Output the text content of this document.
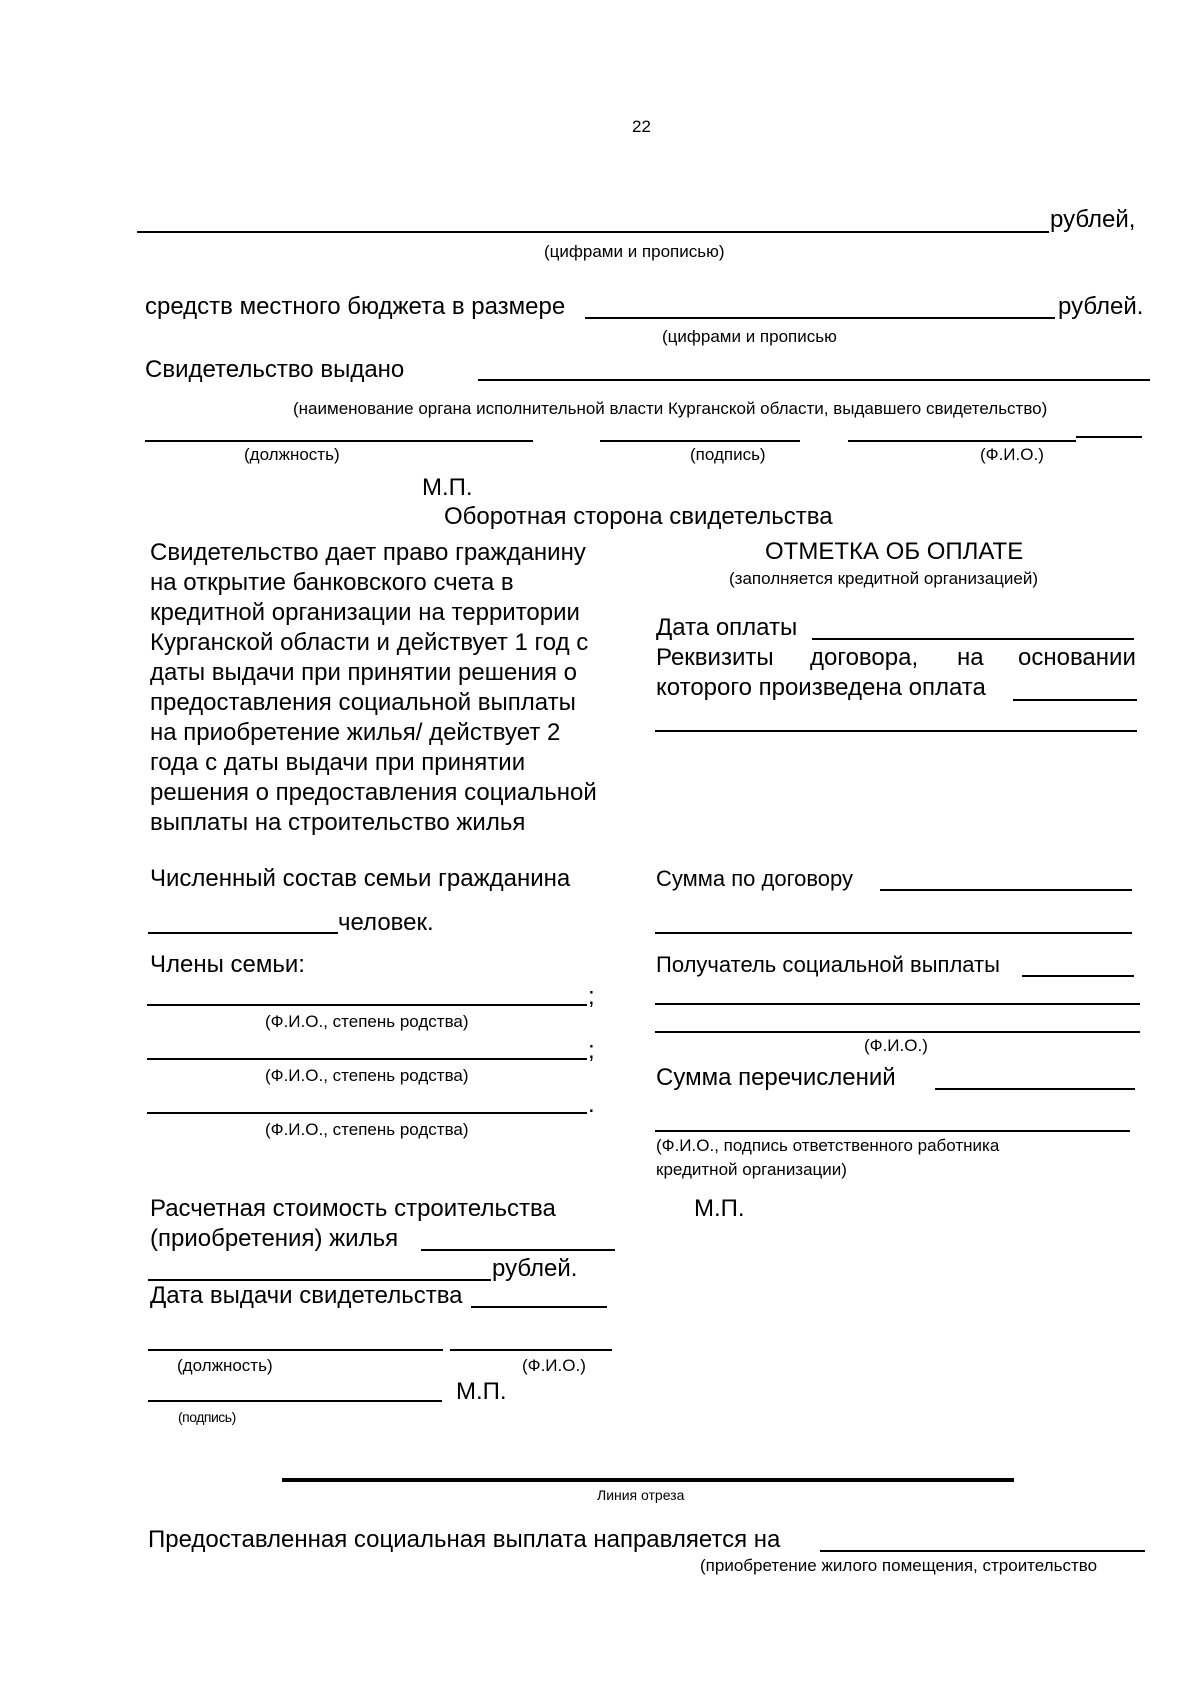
22
рублей,
(цифрами и прописью)
средств местного бюджета в размере	рублей.
(цифрами и прописью
Свидетельство выдано
(наименование органа исполнительной власти Курганской области, выдавшего свидетельство)
(должность)	(подпись)	(Ф.И.О.)
М.П.
Оборотная сторона свидетельства
Свидетельство дает право гражданину
на открытие банковского счета в
кредитной организации на территории
Курганской области и действует 1 год с
даты выдачи при принятии решения о
предоставления социальной выплаты
на приобретение жилья/ действует 2
года с даты выдачи при принятии
решения о предоставления социальной
выплаты на строительство жилья
ОТМЕТКА ОБ ОПЛАТЕ
(заполняется кредитной организацией)
Дата оплаты
Реквизиты договора, на основании
которого произведена оплата
Численный состав семьи гражданина
человек.
Члены семьи:
;
(Ф.И.О., степень родства)
;
(Ф.И.О., степень родства)
.
(Ф.И.О., степень родства)
Сумма по договору
Получатель социальной выплаты
(Ф.И.О.)
Сумма перечислений
(Ф.И.О., подпись ответственного работника
кредитной организации)
М.П.
Расчетная стоимость строительства
(приобретения) жилья
рублей.
Дата выдачи свидетельства
(должность)	(Ф.И.О.)
М.П.
(подпись)
Линия отреза
Предоставленная социальная выплата направляется на
(приобретение жилого помещения, строительство
